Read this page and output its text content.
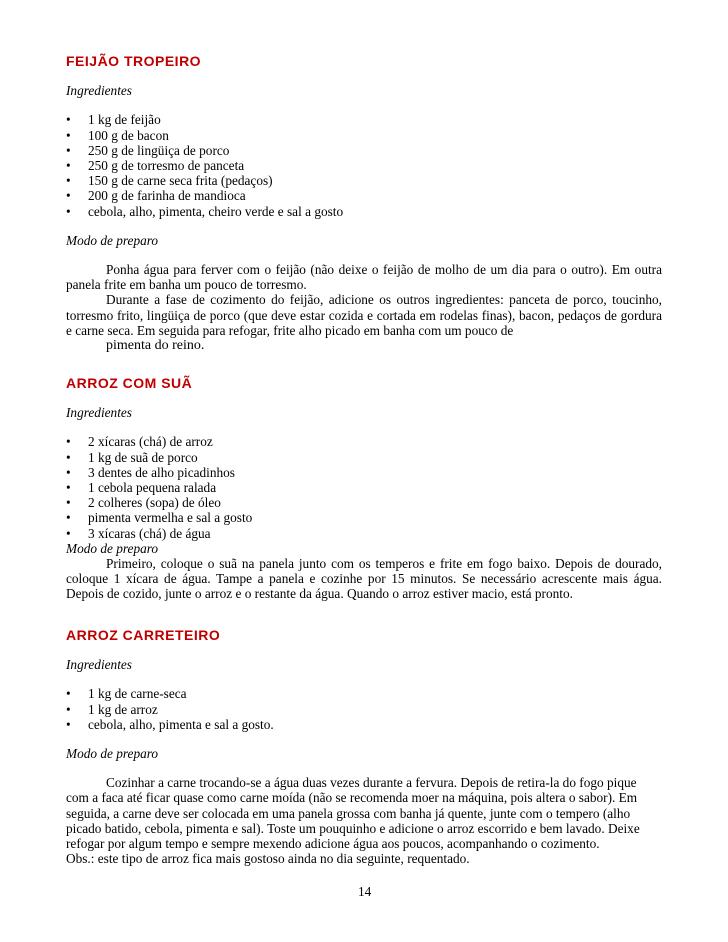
FEIJÃO TROPEIRO

Ingredientes

• 1 kg de feijão
• 100 g de bacon
• 250 g de lingüiça de porco
• 250 g de torresmo de panceta
• 150 g de carne seca frita (pedaços)
• 200 g de farinha de mandioca
• cebola, alho, pimenta, cheiro verde e sal a gosto

Modo de preparo

Ponha água para ferver com o feijão (não deixe o feijão de molho de um dia para o outro). Em outra panela frite em banha um pouco de torresmo.

Durante a fase de cozimento do feijão, adicione os outros ingredientes: panceta de porco, toucinho, torresmo frito, lingüiça de porco (que deve estar cozida e cortada em rodelas finas), bacon, pedaços de gordura e carne seca. Em seguida para refogar, frite alho picado em banha com um pouco de

pimenta do reino.

ARROZ COM SUÃ

Ingredientes

• 2 xícaras (chá) de arroz
• 1 kg de suã de porco
• 3 dentes de alho picadinhos
• 1 cebola pequena ralada
• 2 colheres (sopa) de óleo
• pimenta vermelha e sal a gosto
• 3 xícaras (chá) de água

Modo de preparo

Primeiro, coloque o suã na panela junto com os temperos e frite em fogo baixo. Depois de dourado, coloque 1 xícara de água. Tampe a panela e cozinhe por 15 minutos. Se necessário acrescente mais água. Depois de cozido, junte o arroz e o restante da água. Quando o arroz estiver macio, está pronto.

ARROZ CARRETEIRO

Ingredientes

• 1 kg de carne-seca
• 1 kg de arroz
• cebola, alho, pimenta e sal a gosto.

Modo de preparo

Cozinhar a carne trocando-se a água duas vezes durante a fervura. Depois de retira-la do fogo pique com a faca até ficar quase como carne moída (não se recomenda moer na máquina, pois altera o sabor). Em seguida, a carne deve ser colocada em uma panela grossa com banha já quente, junte com o tempero (alho picado batido, cebola, pimenta e sal). Toste um pouquinho e adicione o arroz escorrido e bem lavado. Deixe refogar por algum tempo e sempre mexendo adicione água aos poucos, acompanhando o cozimento.

Obs.: este tipo de arroz fica mais gostoso ainda no dia seguinte, requentado.

14
